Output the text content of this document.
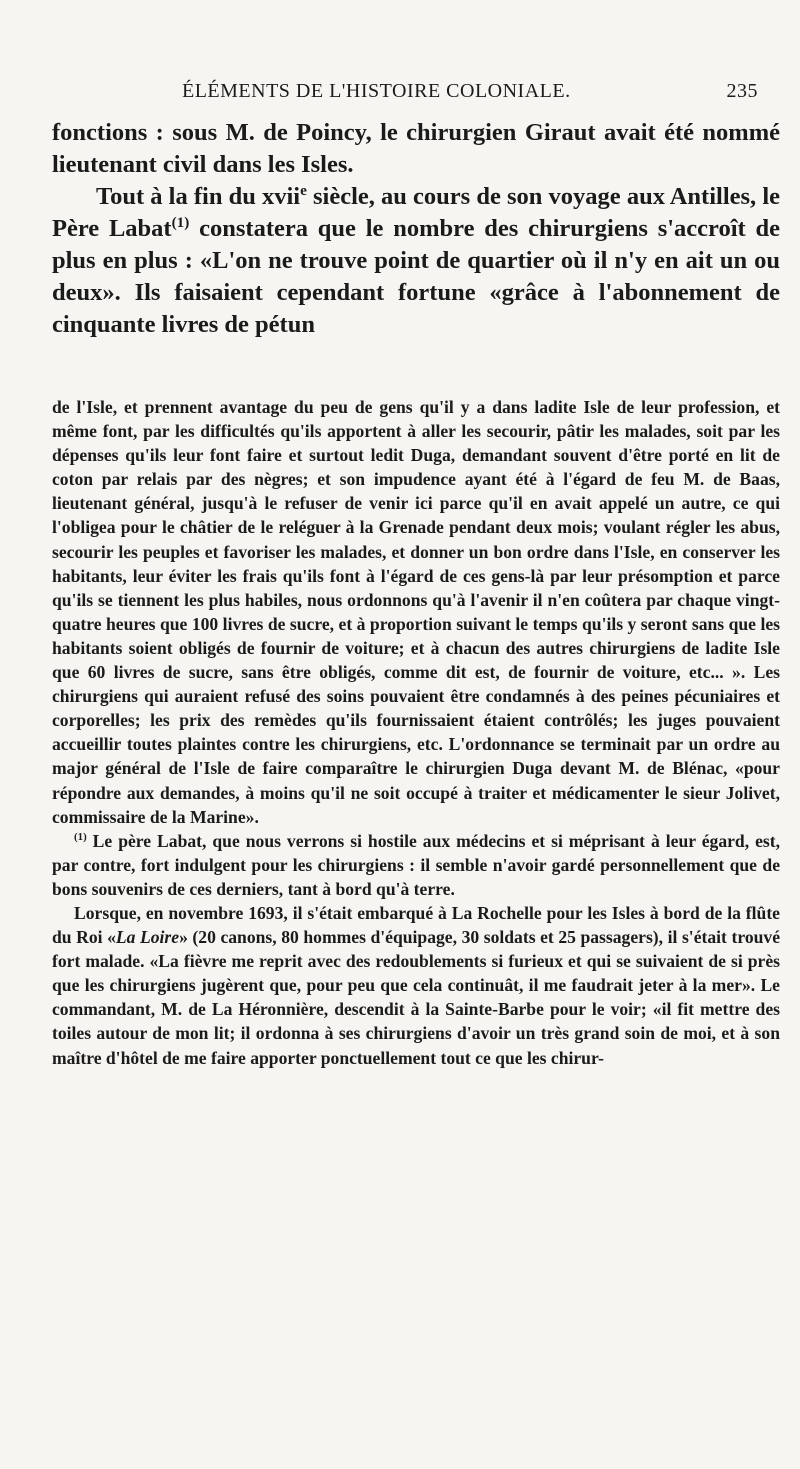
ÉLÉMENTS DE L'HISTOIRE COLONIALE.	235

fonctions : sous M. de Poincy, le chirurgien Giraut avait été nommé lieutenant civil dans les Isles.

Tout à la fin du xvii$^e$ siècle, au cours de son voyage aux Antilles, le Père Labat$^{(1)}$ constatera que le nombre des chirurgiens s'accroît de plus en plus : «L'on ne trouve point de quartier où il n'y en ait un ou deux». Ils faisaient cependant fortune «grâce à l'abonnement de cinquante livres de pétun

de l'Isle, et prennent avantage du peu de gens qu'il y a dans ladite Isle de leur profession, et même font, par les difficultés qu'ils apportent à aller les secourir, pâtir les malades, soit par les dépenses qu'ils leur font faire et surtout ledit Duga, demandant souvent d'être porté en lit de coton par relais par des nègres; et son impudence ayant été à l'égard de feu M. de Baas, lieutenant général, jusqu'à le refuser de venir ici parce qu'il en avait appelé un autre, ce qui l'obligea pour le châtier de le reléguer à la Grenade pendant deux mois; voulant régler les abus, secourir les peuples et favoriser les malades, et donner un bon ordre dans l'Isle, en conserver les habitants, leur éviter les frais qu'ils font à l'égard de ces gens-là par leur présomption et parce qu'ils se tiennent les plus habiles, nous ordonnons qu'à l'avenir il n'en coûtera par chaque vingt-quatre heures que 100 livres de sucre, et à proportion suivant le temps qu'ils y seront sans que les habitants soient obligés de fournir de voiture; et à chacun des autres chirurgiens de ladite Isle que 60 livres de sucre, sans être obligés, comme dit est, de fournir de voiture, etc... ». Les chirurgiens qui auraient refusé des soins pouvaient être condamnés à des peines pécuniaires et corporelles; les prix des remèdes qu'ils fournissaient étaient contrôlés; les juges pouvaient accueillir toutes plaintes contre les chirurgiens, etc. L'ordonnance se terminait par un ordre au major général de l'Isle de faire comparaître le chirurgien Duga devant M. de Blénac, «pour répondre aux demandes, à moins qu'il ne soit occupé à traiter et médicamenter le sieur Jolivet, commissaire de la Marine».

$^{(1)}$ Le père Labat, que nous verrons si hostile aux médecins et si méprisant à leur égard, est, par contre, fort indulgent pour les chirurgiens : il semble n'avoir gardé personnellement que de bons souvenirs de ces derniers, tant à bord qu'à terre.

Lorsque, en novembre 1693, il s'était embarqué à La Rochelle pour les Isles à bord de la flûte du Roi «La Loire» (20 canons, 80 hommes d'équipage, 30 soldats et 25 passagers), il s'était trouvé fort malade. «La fièvre me reprit avec des redoublements si furieux et qui se suivaient de si près que les chirurgiens jugèrent que, pour peu que cela continuât, il me faudrait jeter à la mer». Le commandant, M. de La Héronnière, descendit à la Sainte-Barbe pour le voir; «il fit mettre des toiles autour de mon lit; il ordonna à ses chirurgiens d'avoir un très grand soin de moi, et à son maître d'hôtel de me faire apporter ponctuellement tout ce que les chirur-
